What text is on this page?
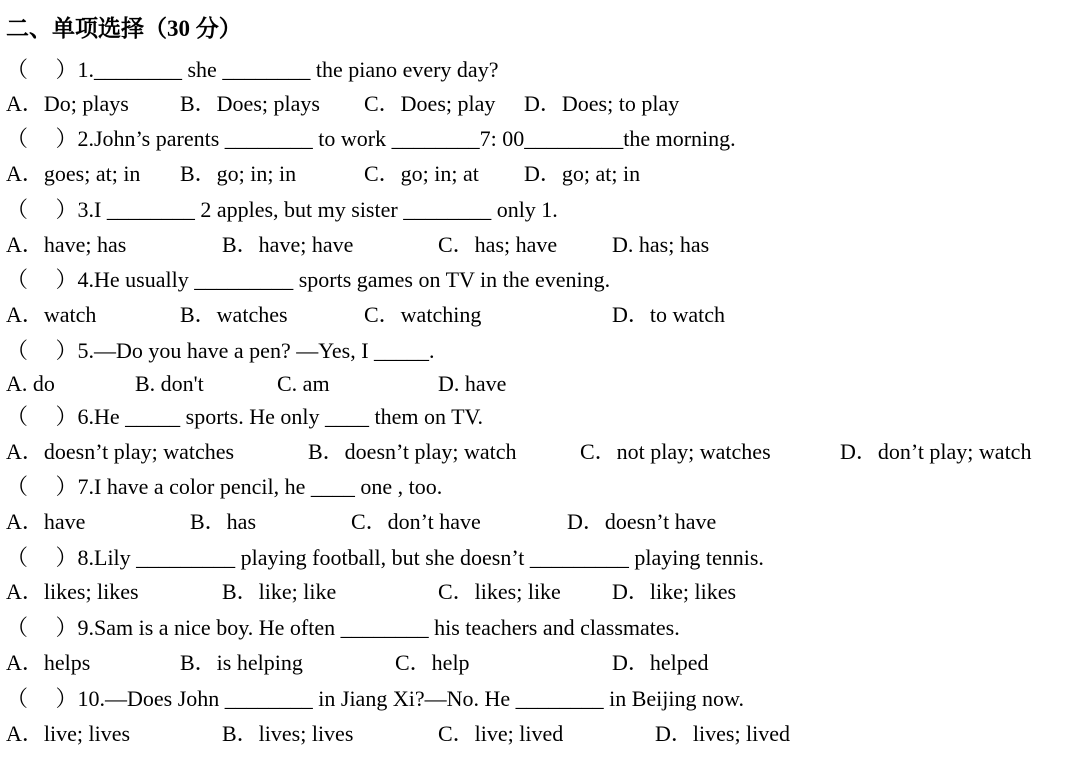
二、单项选择（30 分）
（     ）1.________ she ________ the piano every day?
A．Do; plays B．Does; plays C．Does; play D．Does; to play
（     ）2.John’s parents ________ to work ________7: 00_________the morning.
A．goes; at; in B．go; in; in	C．go; in; at D．go; at; in
（     ）3.I ________ 2 apples, but my sister ________ only 1.
A．have; has	B．have; have	C．has; have D. has; has
（     ）4.He usually _________ sports games on TV in the evening.
A．watch	B．watches	C．watching	D．to watch
（     ）5.—Do you have a pen? —Yes, I _____.
A. do	B. don't	C. am	D. have
（     ）6.He _____ sports. He only ____ them on TV.
A．doesn’t play; watches	B．doesn’t play; watch	C．not play; watches	D．don’t play; watch
（     ）7.I have a color pencil, he ____ one , too.
A．have	B．has	C．don’t have	D．doesn’t have
（     ）8.Lily _________ playing football, but she doesn’t _________ playing tennis.
A．likes; likes	B．like; like	C．likes; like D．like; likes
（     ）9.Sam is a nice boy. He often ________ his teachers and classmates.
A．helps	B．is helping	C．help	D．helped
（     ）10.—Does John ________ in Jiang Xi?—No. He ________ in Beijing now.
A．live; lives	B．lives; lives	C．live; lived	D．lives; lived
